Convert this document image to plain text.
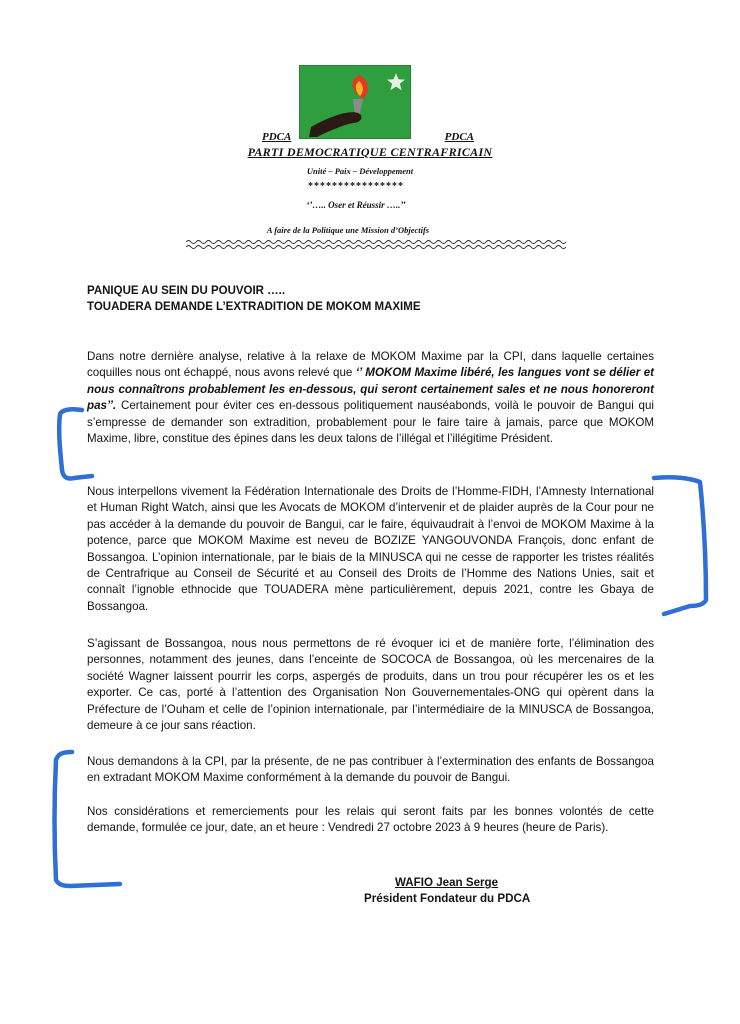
PDCA	PDCA
PARTI DEMOCRATIQUE CENTRAFRICAIN
Unité – Paix – Développement
****************
‘’….. Oser et Réussir …..’’
A faire de la Politique une Mission d’Objectifs
PANIQUE AU SEIN DU POUVOIR …..
TOUADERA DEMANDE L’EXTRADITION DE MOKOM MAXIME

Dans notre dernière analyse, relative à la relaxe de MOKOM Maxime par la CPI, dans laquelle certaines coquilles nous ont échappé, nous avons relevé que ‘’ MOKOM Maxime libéré, les langues vont se délier et nous connaîtrons probablement les en-dessous, qui seront certainement sales et ne nous honoreront pas’’. Certainement pour éviter ces en-dessous politiquement nauséabonds, voilà le pouvoir de Bangui qui s’empresse de demander son extradition, probablement pour le faire taire à jamais, parce que MOKOM Maxime, libre, constitue des épines dans les deux talons de l’illégal et l’illégitime Président.

Nous interpellons vivement la Fédération Internationale des Droits de l’Homme-FIDH, l’Amnesty International et Human Right Watch, ainsi que les Avocats de MOKOM d’intervenir et de plaider auprès de la Cour pour ne pas accéder à la demande du pouvoir de Bangui, car le faire, équivaudrait à l’envoi de MOKOM Maxime à la potence, parce que MOKOM Maxime est neveu de BOZIZE YANGOUVONDA François, donc enfant de Bossangoa. L’opinion internationale, par le biais de la MINUSCA qui ne cesse de rapporter les tristes réalités de Centrafrique au Conseil de Sécurité et au Conseil des Droits de l’Homme des Nations Unies, sait et connaît l’ignoble ethnocide que TOUADERA mène particulièrement, depuis 2021, contre les Gbaya de Bossangoa.

S’agissant de Bossangoa, nous nous permettons de ré évoquer ici et de manière forte, l’élimination des personnes, notamment des jeunes, dans l’enceinte de SOCOCA de Bossangoa, où les mercenaires de la société Wagner laissent pourrir les corps, aspergés de produits, dans un trou pour récupérer les os et les exporter. Ce cas, porté à l’attention des Organisation Non Gouvernementales-ONG qui opèrent dans la Préfecture de l’Ouham et celle de l’opinion internationale, par l’intermédiaire de la MINUSCA de Bossangoa, demeure à ce jour sans réaction.

Nous demandons à la CPI, par la présente, de ne pas contribuer à l’extermination des enfants de Bossangoa en extradant MOKOM Maxime conformément à la demande du pouvoir de Bangui.

Nos considérations et remerciements pour les relais qui seront faits par les bonnes volontés de cette demande, formulée ce jour, date, an et heure : Vendredi 27 octobre 2023 à 9 heures (heure de Paris).

WAFIO Jean Serge
Président Fondateur du PDCA
